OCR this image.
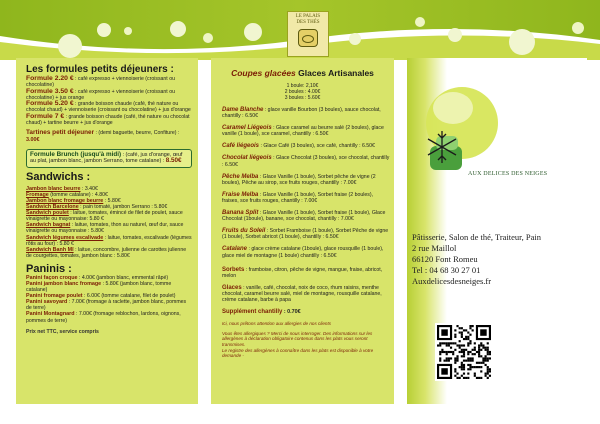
LE PALAIS
DES THÉS
Les formules petits déjeuners :
Formule 2.20 € : café expresso + viennoiserie (croissant ou chocolatine)
Formule 3.50 € : café expresso + viennoiserie (croissant ou chocolatine) + jus orange
Formule 5.20 € : grande boisson chaude (café, thé nature ou chocolat chaud) + viennoiserie (croissant ou chocolatine) + jus d'orange
Formule 7 € : grande boisson chaude (café, thé nature ou chocolat chaud) + tartine beurre + jus d'orange
Tartines petit déjeuner : (demi baguette, beurre, Confiture) : 3.00€
Formule Brunch (jusqu'à midi) : (café, jus d'orange, œuf au plat, jambon blanc, jambon Serrano, tome catalane) : 8.50€
Sandwichs :
Jambon blanc beurre : 3.40€
Fromage (tomme catalane) : 4.80€
Jambon blanc fromage beurre : 5.80€
Sandwich Barcelone : pain tomaté, jambon Serrano : 5.80€
Sandwich poulet : laitue, tomates, émincé de filet de poulet, sauce vinaigrette ou mayonnaise: 5.80 €
Sandwich bagnat : laitue, tomates, thon au naturel, œuf dur, sauce vinaigrette ou mayonnaise : 5.80€
Sandwich légumes escalivade : laitue, tomates, escalivade (légumes rôtis au four) : 5.80 €
Sandwich Banh Mî : laitue, concombre, julienne de carottes julienne de courgettes, tomates, jambon blanc : 5.80€
Paninis :
Panini façon croque : 4.00€ (jambon blanc, emmental râpé)
Panini jambon blanc fromage : 5.80€ (jambon blanc, tomme catalane)
Panini fromage poulet : 6.00€ (tomme catalane, filet de poulet)
Panini savoyard : 7.00€ (fromage à raclette, jambon blanc, pommes de terre)
Panini Montagnard : 7.00€ (fromage reblochon, lardons, oignons, pommes de terre)
Prix net TTC, service compris
Coupes glacées Glaces Artisanales
1 boule: 2,10€
2 boules : 4.00€
3 boules : 5.60€
Dame Blanche : glace vanille Bourbon (3 boules), sauce chocolat, chantilly : 6.50€
Caramel Liégeois : Glace caramel au beurre salé (2 boules), glace vanille (1 boule), sce caramel, chantilly : 6.50€
Café liégeois : Glace Café (3 boules), sce café, chantilly : 6.50€
Chocolat liégeois : Glace Chocolat (3 boules), sce chocolat, chantilly : 6.50€
Pêche Melba : Glace Vanille (1 boule), Sorbet pêche de vigne (2 boules), Pêche au sirop, sce fruits rouges, chantilly : 7.00€
Fraise Melba : Glace Vanille (1 boule), Sorbet fraise (2 boules), fraises, sce fruits rouges, chantilly : 7.00€
Banana Split : Glace Vanille (1 boule), Sorbet fraise (1 boule), Glace Chocolat (1boule), banane, sce chocolat, chantilly : 7.00€
Fruits du Soleil : Sorbet Framboise (1 boule), Sorbet Pêche de vigne (1 boule), Sorbet abricot (1 boule), chantilly : 6.50€
Catalane : glace crème catalane (1boule), glace rousquille (1 boule), glace miel de montagne (1 boule) chantilly : 6.50€
Sorbets : framboise, citron, pêche de vigne, mangue, fraise, abricot, melon
Glaces : vanille, café, chocolat, noix de coco, rhum raisins, menthe chocolat, caramel beurre salé, miel de montagne, rousquille catalane, crème catalane, barbe à papa
Supplément chantilly : 0.70€
Ici, nous prêtons attention aux allergies de nos clients
Vous êtes allergiques ? Merci de nous interroger. Des informations sur les allergènes à déclaration obligatoire contenus dans les plats vous seront transmises.
Le registre des allergènes à connaître dans les plats est disponible à votre demande -
AUX DELICES DES NEIGES
Pâtisserie, Salon de thé, Traiteur, Pain
2 rue Maillol
66120 Font Romeu
Tel : 04 68 30 27 01
Auxdelicesdesneiges.fr
